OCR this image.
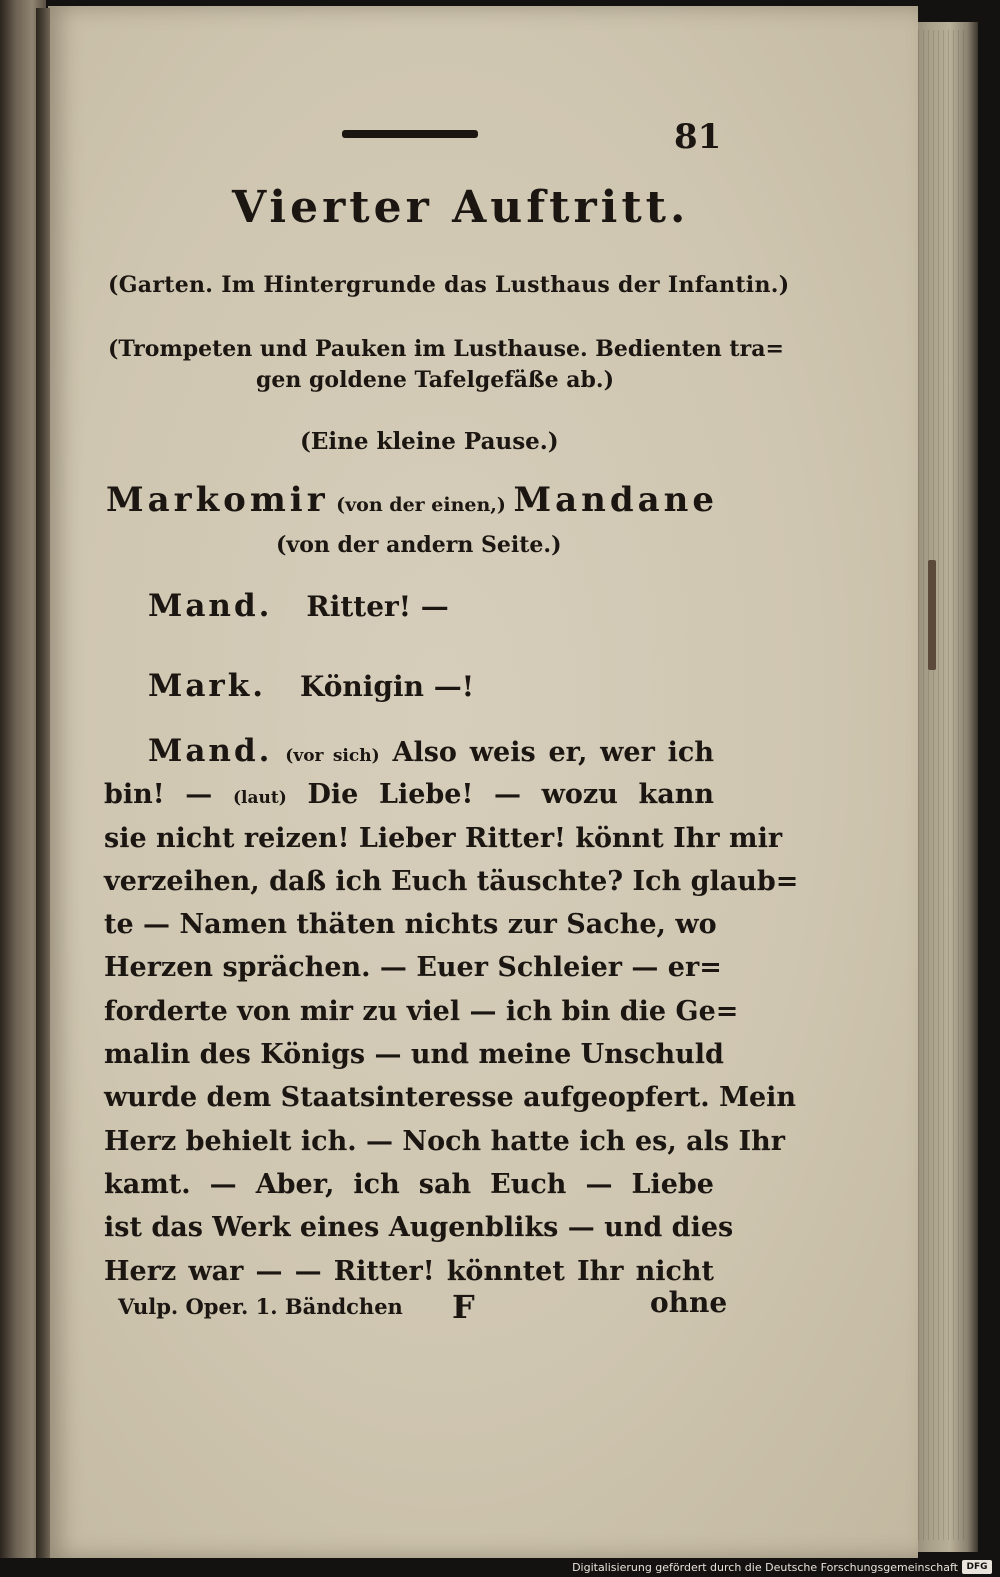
81
Vierter Auftritt.
(Garten. Im Hintergrunde das Lusthaus der Infantin.)
(Trompeten und Pauken im Lusthause. Bedienten tra=
gen goldene Tafelgefäße ab.)
(Eine kleine Pause.)
Markomir (von der einen,) Mandane
(von der andern Seite.)
Mand. Ritter! —
Mark. Königin —!
Mand. (vor sich) Also weis er, wer ich
bin! — (laut) Die Liebe! — wozu kann
sie nicht reizen! Lieber Ritter! könnt Ihr mir
verzeihen, daß ich Euch täuschte? Ich glaub=
te — Namen thäten nichts zur Sache, wo
Herzen sprächen. — Euer Schleier — er=
forderte von mir zu viel — ich bin die Ge=
malin des Königs — und meine Unschuld
wurde dem Staatsinteresse aufgeopfert. Mein
Herz behielt ich. — Noch hatte ich es, als Ihr
kamt. — Aber, ich sah Euch — Liebe
ist das Werk eines Augenbliks — und dies
Herz war — — Ritter! könntet Ihr nicht
Vulp. Oper. 1. Bändchen F	ohne
Digitalisierung gefördert durch die Deutsche Forschungsgemeinschaft DFG
